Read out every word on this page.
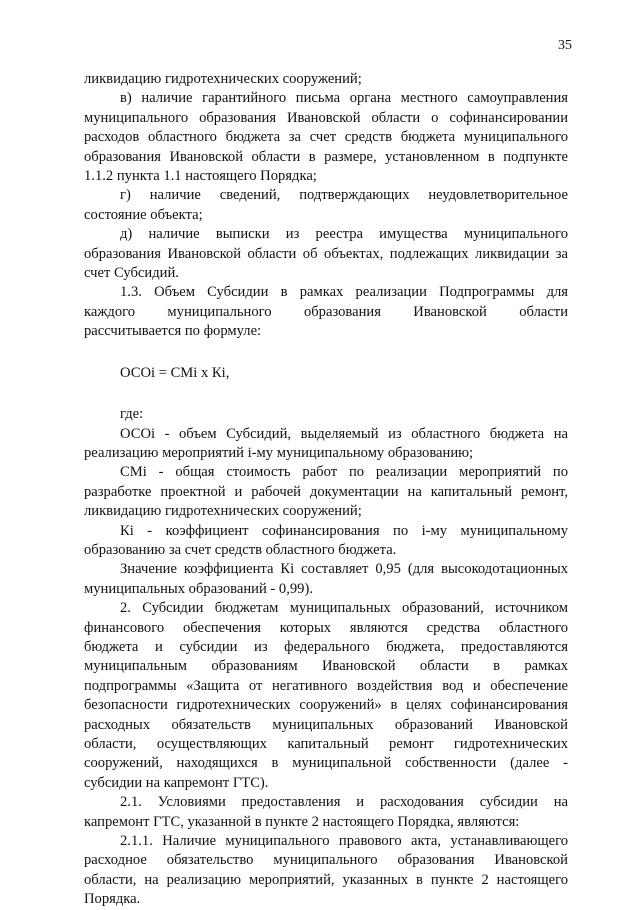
35
ликвидацию гидротехнических сооружений;
в) наличие гарантийного письма органа местного самоуправления
муниципального образования Ивановской области о софинансировании
расходов областного бюджета за счет средств бюджета муниципального
образования Ивановской области в размере, установленном в подпункте
1.1.2 пункта 1.1 настоящего Порядка;
г) наличие сведений, подтверждающих неудовлетворительное
состояние объекта;
д) наличие выписки из реестра имущества муниципального
образования Ивановской области об объектах, подлежащих ликвидации за
счет Субсидий.
1.3. Объем Субсидии в рамках реализации Подпрограммы для
каждого муниципального образования Ивановской области
рассчитывается по формуле:
ОСОi = СМi х Кi,
где:
ОСОi - объем Субсидий, выделяемый из областного бюджета на
реализацию мероприятий i-му муниципальному образованию;
СМi - общая стоимость работ по реализации мероприятий по
разработке проектной и рабочей документации на капитальный ремонт,
ликвидацию гидротехнических сооружений;
Кi - коэффициент софинансирования по i-му муниципальному
образованию за счет средств областного бюджета.
Значение коэффициента Кi составляет 0,95 (для высокодотационных
муниципальных образований - 0,99).
2. Субсидии бюджетам муниципальных образований, источником
финансового обеспечения которых являются средства областного
бюджета и субсидии из федерального бюджета, предоставляются
муниципальным образованиям Ивановской области в рамках
подпрограммы «Защита от негативного воздействия вод и обеспечение
безопасности гидротехнических сооружений» в целях софинансирования
расходных обязательств муниципальных образований Ивановской
области, осуществляющих капитальный ремонт гидротехнических
сооружений, находящихся в муниципальной собственности (далее -
субсидии на капремонт ГТС).
2.1. Условиями предоставления и расходования субсидии на
капремонт ГТС, указанной в пункте 2 настоящего Порядка, являются:
2.1.1. Наличие муниципального правового акта, устанавливающего
расходное обязательство муниципального образования Ивановской
области, на реализацию мероприятий, указанных в пункте 2 настоящего
Порядка.
